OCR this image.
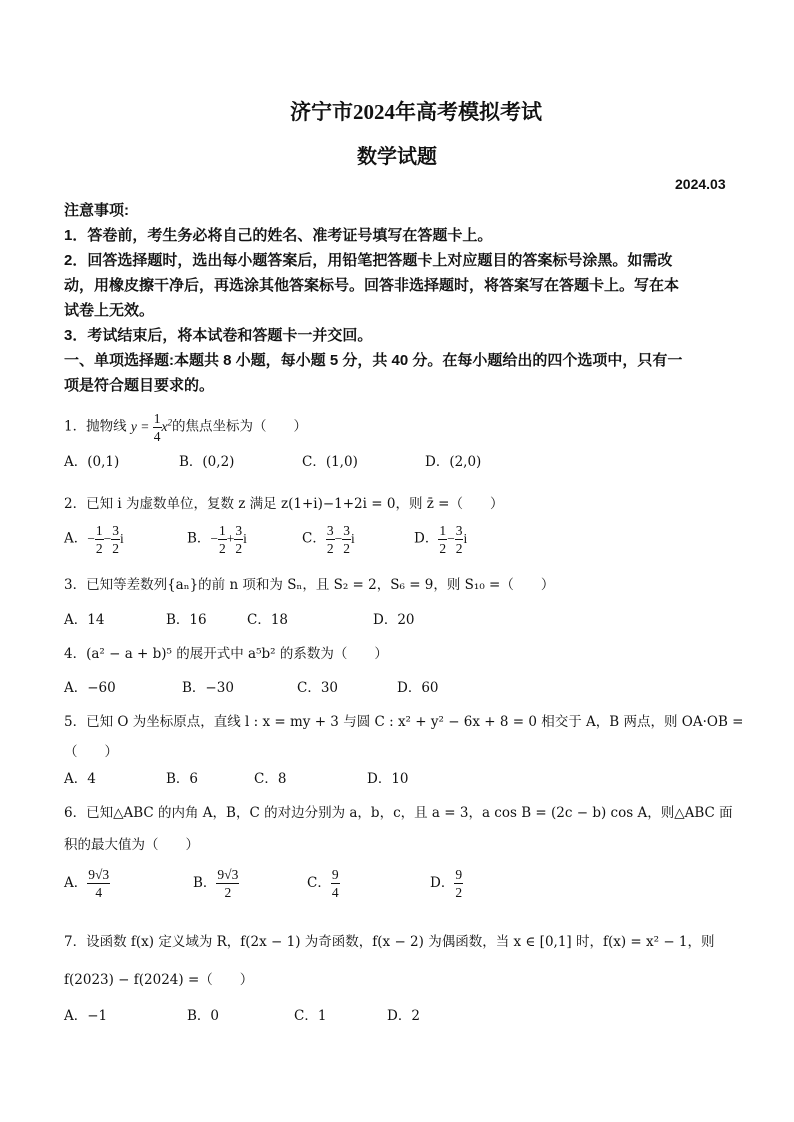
济宁市2024年高考模拟考试
数学试题
2024.03
注意事项:
1．答卷前，考生务必将自己的姓名、准考证号填写在答题卡上。
2．回答选择题时，选出每小题答案后，用铅笔把答题卡上对应题目的答案标号涂黑。如需改
动，用橡皮擦干净后，再选涂其他答案标号。回答非选择题时，将答案写在答题卡上。写在本
试卷上无效。
3．考试结束后，将本试卷和答题卡一并交回。
一、单项选择题:本题共 8 小题，每小题 5 分，共 40 分。在每小题给出的四个选项中，只有一
项是符合题目要求的。
1．抛物线 $y = \frac{1}{4} x^2$的焦点坐标为（　　）
A．(0,1)	B．(0,2)	C．(1,0)	D．(2,0)
2．已知 i 为虚数单位，复数 z 满足 z(1+i)−1+2i = 0，则 z̄ =（　　）
A．− $\frac{1}{2} - \frac{3}{2}$ i	B．− $\frac{1}{2} + \frac{3}{2}$ i	C． $\frac{3}{2} - \frac{3}{2}$ i	D． $\frac{1}{2} - \frac{3}{2}$ i
3．已知等差数列{aₙ}的前 n 项和为 Sₙ，且 S₂ = 2，S₆ = 9，则 S₁₀ =（　　）
A．14	B．16	C．18	D．20
4．(a² − a + b)⁵ 的展开式中 a⁵b² 的系数为（　　）
A．−60	B．−30	C．30	D．60
5．已知 O 为坐标原点，直线 l : x = my + 3 与圆 C : x² + y² − 6x + 8 = 0 相交于 A，B 两点，则 OA·OB =
（　　）
A．4	B．6	C．8	D．10
6．已知△ABC 的内角 A，B，C 的对边分别为 a，b，c，且 a = 3，a cos B = (2c − b) cos A，则△ABC 面
积的最大值为（　　）
A． $\frac{9√3}{4}$	B． $\frac{9√3}{2}$	C． $\frac{9}{4}$	D． $\frac{9}{2}$
7．设函数 f(x) 定义域为 R，f(2x − 1) 为奇函数，f(x − 2) 为偶函数，当 x ∈ [0,1] 时，f(x) = x² − 1，则
f(2023) − f(2024) =（　　）
A．−1	B．0	C．1	D．2
